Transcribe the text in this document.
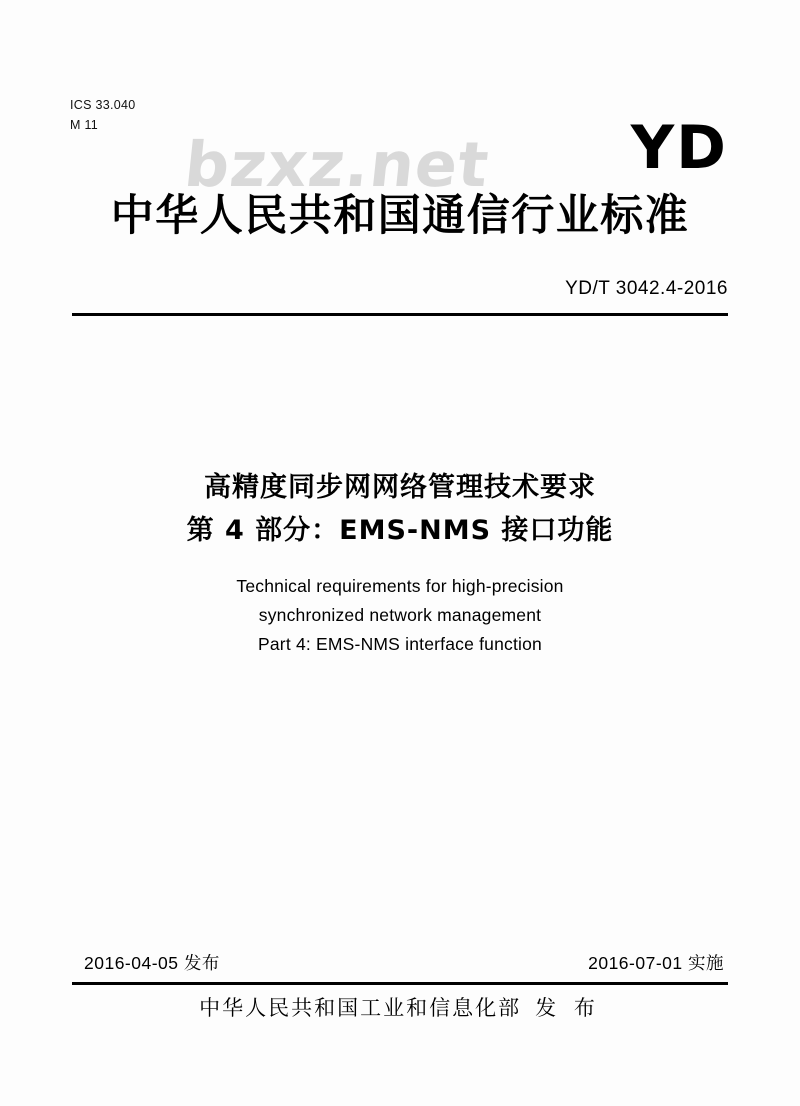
ICS 33.040
M 11
bzxz.net YD
中华人民共和国通信行业标准
YD/T 3042.4-2016
高精度同步网网络管理技术要求
第 4 部分：EMS-NMS 接口功能
Technical requirements for high-precision
synchronized network management
Part 4: EMS-NMS interface function
2016-04-05 发布	2016-07-01 实施
中华人民共和国工业和信息化部 发 布
